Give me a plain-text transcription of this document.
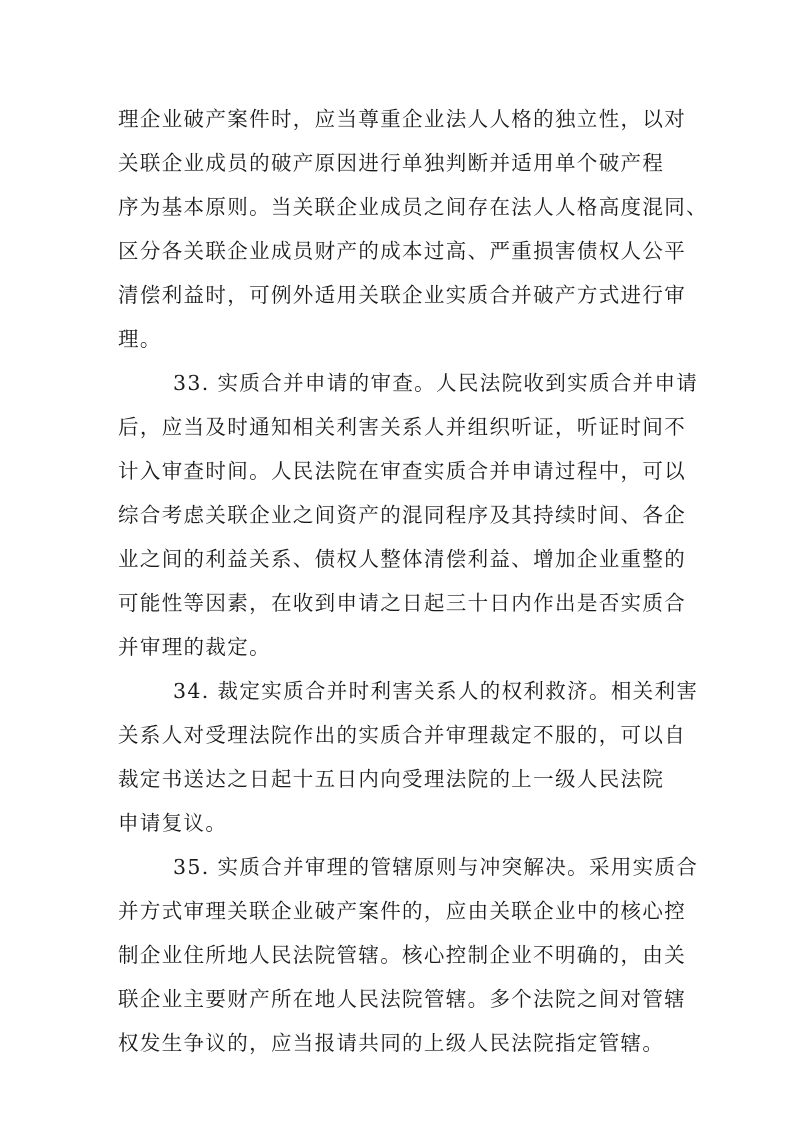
理企业破产案件时，应当尊重企业法人人格的独立性，以对
关联企业成员的破产原因进行单独判断并适用单个破产程
序为基本原则。当关联企业成员之间存在法人人格高度混同、
区分各关联企业成员财产的成本过高、严重损害债权人公平
清偿利益时，可例外适用关联企业实质合并破产方式进行审
理。
33. 实质合并申请的审查。人民法院收到实质合并申请
后，应当及时通知相关利害关系人并组织听证，听证时间不
计入审查时间。人民法院在审查实质合并申请过程中，可以
综合考虑关联企业之间资产的混同程序及其持续时间、各企
业之间的利益关系、债权人整体清偿利益、增加企业重整的
可能性等因素，在收到申请之日起三十日内作出是否实质合
并审理的裁定。
34. 裁定实质合并时利害关系人的权利救济。相关利害
关系人对受理法院作出的实质合并审理裁定不服的，可以自
裁定书送达之日起十五日内向受理法院的上一级人民法院
申请复议。
35. 实质合并审理的管辖原则与冲突解决。采用实质合
并方式审理关联企业破产案件的，应由关联企业中的核心控
制企业住所地人民法院管辖。核心控制企业不明确的，由关
联企业主要财产所在地人民法院管辖。多个法院之间对管辖
权发生争议的，应当报请共同的上级人民法院指定管辖。
